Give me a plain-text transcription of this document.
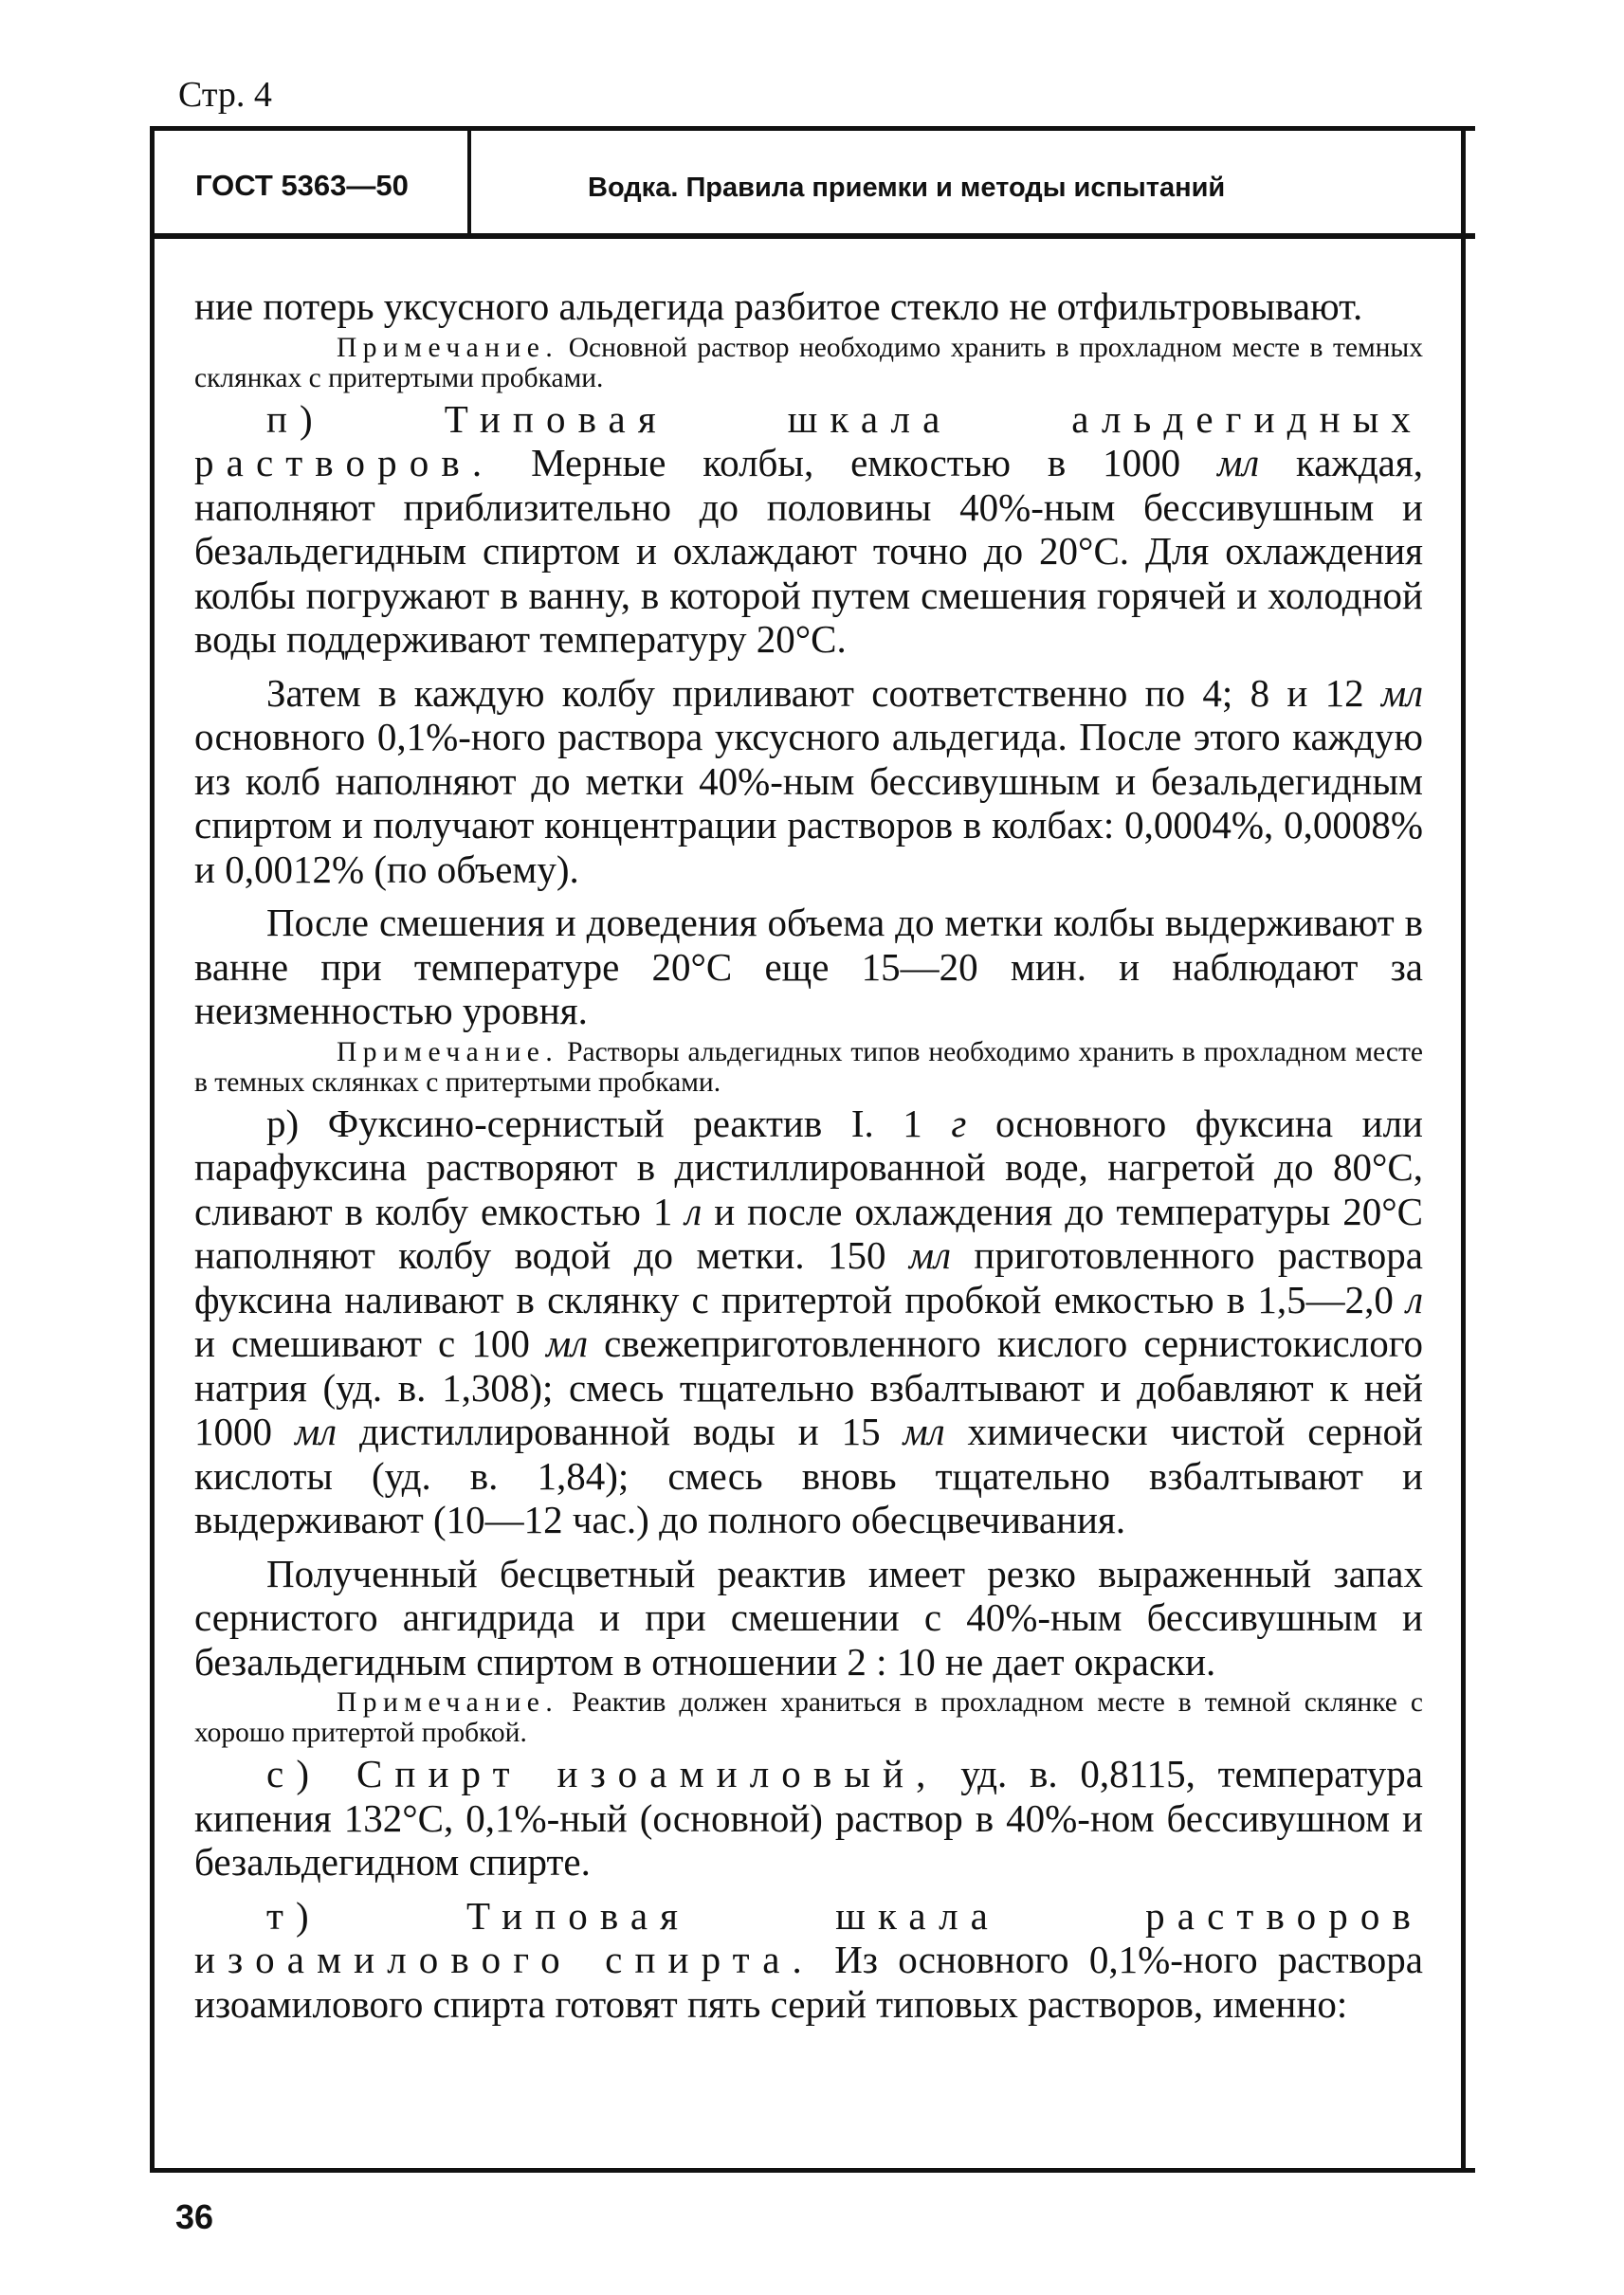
Стр. 4
ГОСТ 5363—50	Водка. Правила приемки и методы испытаний

ние потерь уксусного альдегида разбитое стекло не отфильтровывают.

Примечание. Основной раствор необходимо хранить в прохладном месте в темных склянках с притертыми пробками.

п) Типовая шкала альдегидных растворов. Мерные колбы, емкостью в 1000 мл каждая, наполняют приблизительно до половины 40%-ным бессивушным и безальдегидным спиртом и охлаждают точно до 20°С. Для охлаждения колбы погружают в ванну, в которой путем смешения горячей и холодной воды поддерживают температуру 20°С.

Затем в каждую колбу приливают соответственно по 4; 8 и 12 мл основного 0,1%-ного раствора уксусного альдегида. После этого каждую из колб наполняют до метки 40%-ным бессивушным и безальдегидным спиртом и получают концентрации растворов в колбах: 0,0004%, 0,0008% и 0,0012% (по объему).

После смешения и доведения объема до метки колбы выдерживают в ванне при температуре 20°С еще 15—20 мин. и наблюдают за неизменностью уровня.

Примечание. Растворы альдегидных типов необходимо хранить в прохладном месте в темных склянках с притертыми пробками.

р) Фуксино-сернистый реактив I. 1 г основного фуксина или парафуксина растворяют в дистиллированной воде, нагретой до 80°С, сливают в колбу емкостью 1 л и после охлаждения до температуры 20°С наполняют колбу водой до метки. 150 мл приготовленного раствора фуксина наливают в склянку с притертой пробкой емкостью в 1,5—2,0 л и смешивают с 100 мл свежеприготовленного кислого сернистокислого натрия (уд. в. 1,308); смесь тщательно взбалтывают и добавляют к ней 1000 мл дистиллированной воды и 15 мл химически чистой серной кислоты (уд. в. 1,84); смесь вновь тщательно взбалтывают и выдерживают (10—12 час.) до полного обесцвечивания.

Полученный бесцветный реактив имеет резко выраженный запах сернистого ангидрида и при смешении с 40%-ным бессивушным и безальдегидным спиртом в отношении 2 : 10 не дает окраски.

Примечание. Реактив должен храниться в прохладном месте в темной склянке с хорошо притертой пробкой.

с) Спирт изоамиловый, уд. в. 0,8115, температура кипения 132°С, 0,1%-ный (основной) раствор в 40%-ном бессивушном и безальдегидном спирте.

т) Типовая шкала растворов изоамилового спирта. Из основного 0,1%-ного раствора изоамилового спирта готовят пять серий типовых растворов, именно:

36
